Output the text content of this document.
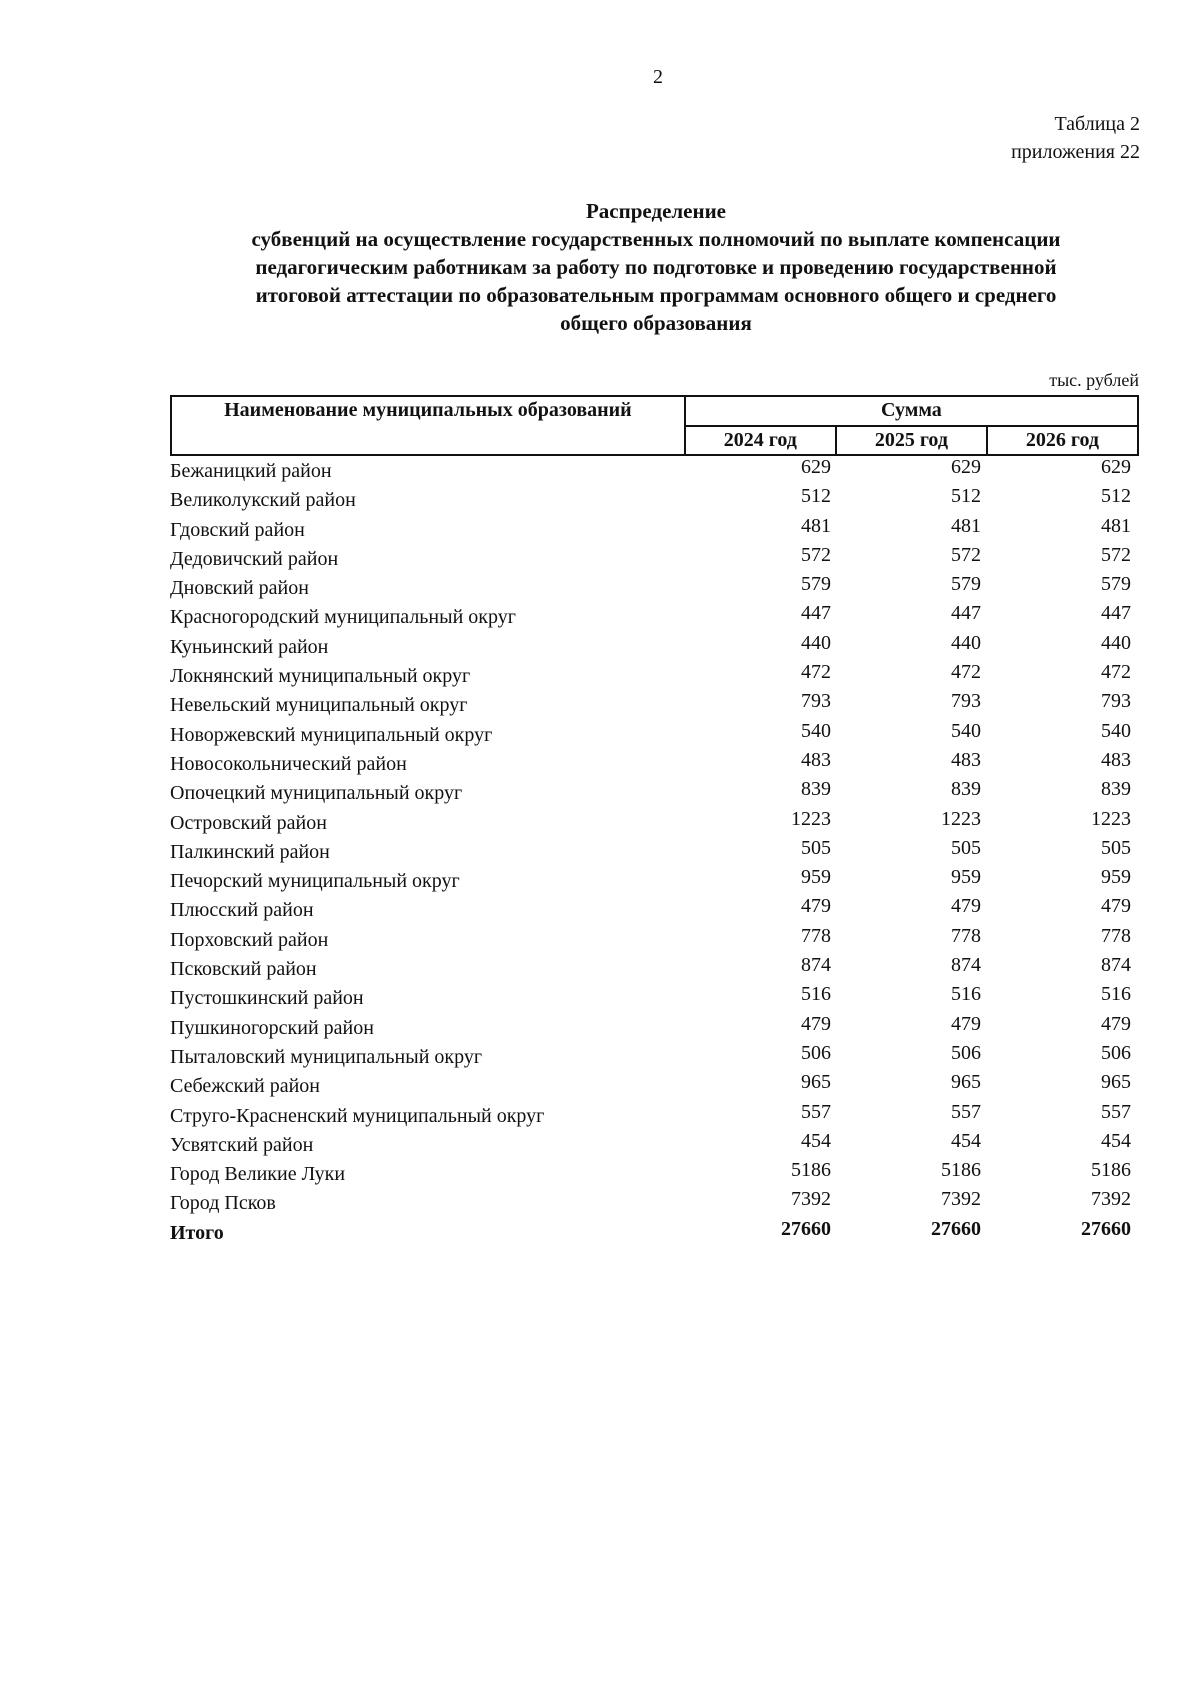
2
Таблица 2
приложения 22
Распределение
субвенций на осуществление государственных полномочий по выплате компенсации
педагогическим работникам за работу по подготовке и проведению государственной
итоговой аттестации по образовательным программам основного общего и среднего
общего образования
тыс. рублей
Наименование муниципальных образований	Сумма		
	2024 год	2025 год	2026 год
Бежаницкий район	629	629	629
Великолукский район	512	512	512
Гдовский район	481	481	481
Дедовичский район	572	572	572
Дновский район	579	579	579
Красногородский муниципальный округ	447	447	447
Куньинский район	440	440	440
Локнянский муниципальный округ	472	472	472
Невельский муниципальный округ	793	793	793
Новоржевский муниципальный округ	540	540	540
Новосокольнический район	483	483	483
Опочецкий муниципальный округ	839	839	839
Островский район	1223	1223	1223
Палкинский район	505	505	505
Печорский муниципальный округ	959	959	959
Плюсский район	479	479	479
Порховский район	778	778	778
Псковский район	874	874	874
Пустошкинский район	516	516	516
Пушкиногорский район	479	479	479
Пыталовский муниципальный округ	506	506	506
Себежский район	965	965	965
Струго-Красненский муниципальный округ	557	557	557
Усвятский район	454	454	454
Город Великие Луки	5186	5186	5186
Город Псков	7392	7392	7392
Итого	27660	27660	27660
